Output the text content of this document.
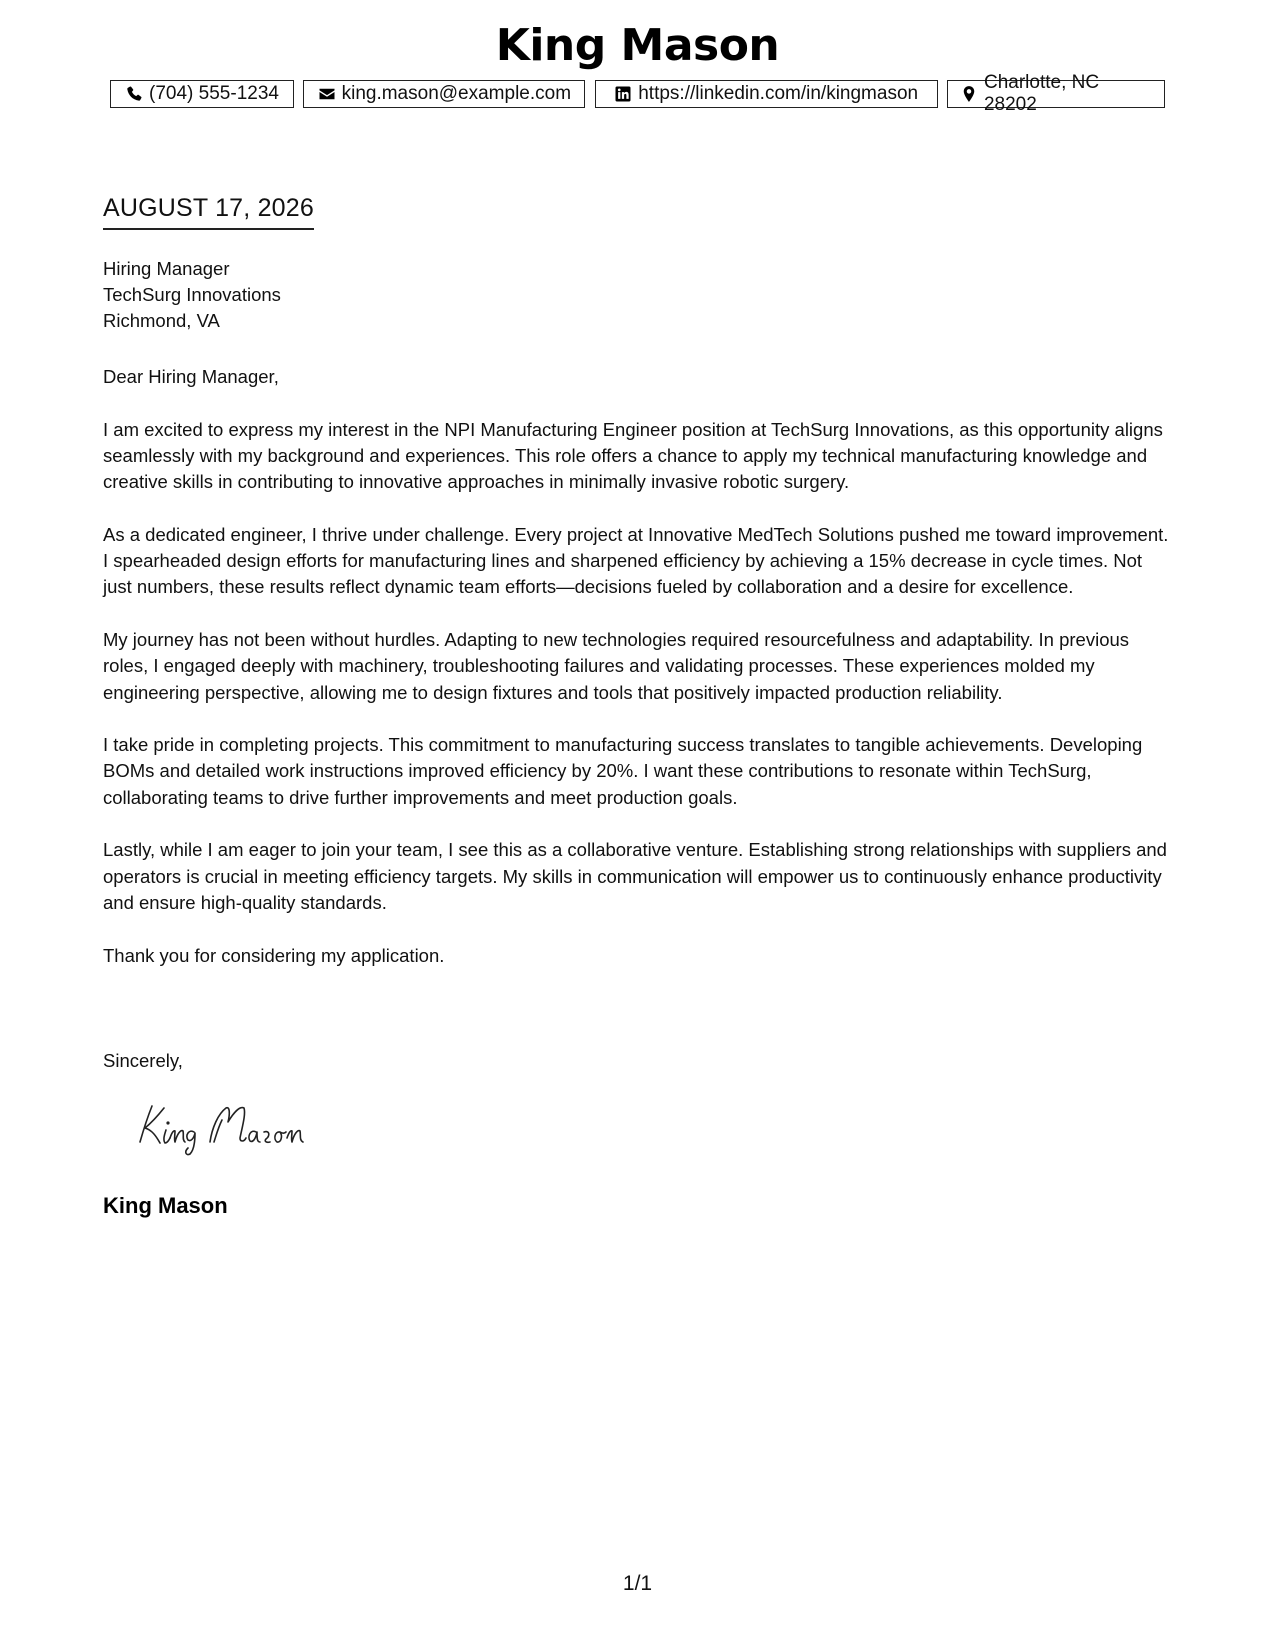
King Mason
(704) 555-1234	king.mason@example.com	https://linkedin.com/in/kingmason
Charlotte, NC 28202
AUGUST 17, 2026
Hiring Manager
TechSurg Innovations
Richmond, VA

Dear Hiring Manager,

I am excited to express my interest in the NPI Manufacturing Engineer position at TechSurg Innovations, as this opportunity aligns seamlessly with my background and experiences. This role offers a chance to apply my technical manufacturing knowledge and creative skills in contributing to innovative approaches in minimally invasive robotic surgery.

As a dedicated engineer, I thrive under challenge. Every project at Innovative MedTech Solutions pushed me toward improvement. I spearheaded design efforts for manufacturing lines and sharpened efficiency by achieving a 15% decrease in cycle times. Not just numbers, these results reflect dynamic team efforts—decisions fueled by collaboration and a desire for excellence.

My journey has not been without hurdles. Adapting to new technologies required resourcefulness and adaptability. In previous roles, I engaged deeply with machinery, troubleshooting failures and validating processes. These experiences molded my engineering perspective, allowing me to design fixtures and tools that positively impacted production reliability.

I take pride in completing projects. This commitment to manufacturing success translates to tangible achievements. Developing BOMs and detailed work instructions improved efficiency by 20%. I want these contributions to resonate within TechSurg, collaborating teams to drive further improvements and meet production goals.

Lastly, while I am eager to join your team, I see this as a collaborative venture. Establishing strong relationships with suppliers and operators is crucial in meeting efficiency targets. My skills in communication will empower us to continuously enhance productivity and ensure high-quality standards.

Thank you for considering my application.

Sincerely,
King Mason
1/1
